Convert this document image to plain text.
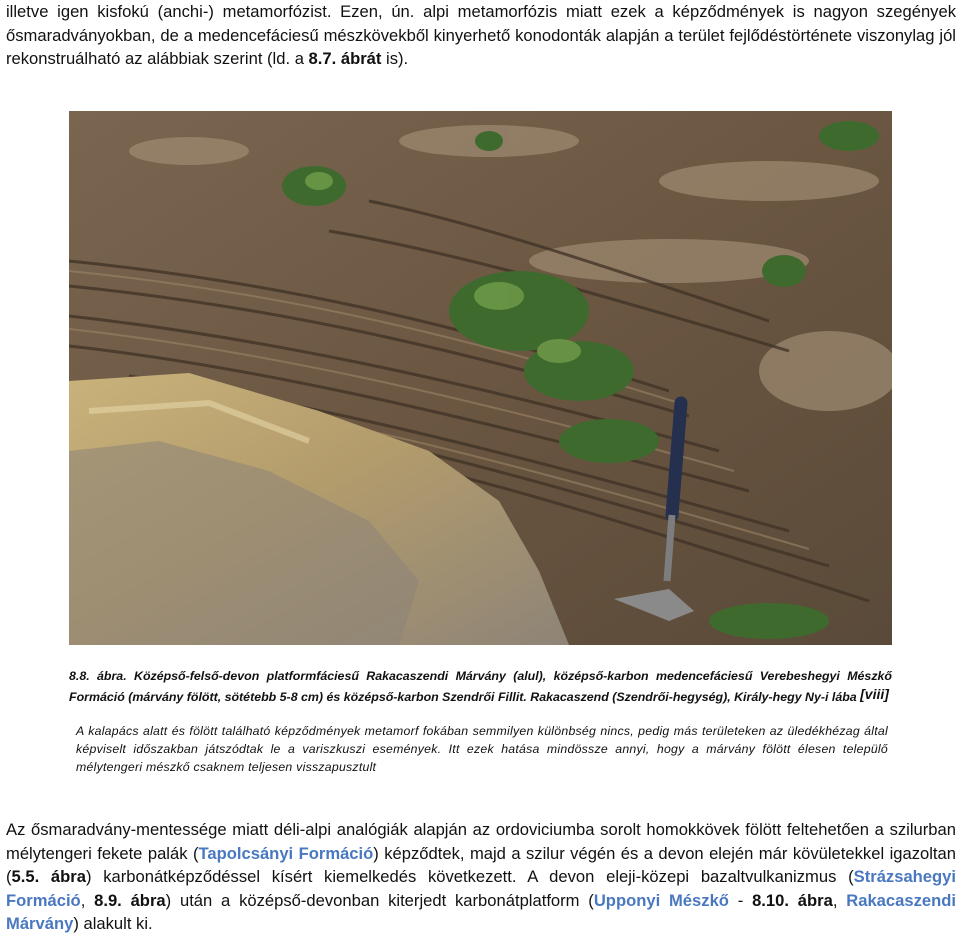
illetve igen kisfokú (anchi-) metamorfózist. Ezen, ún. alpi metamorfózis miatt ezek a képződmények is nagyon szegények ősmaradványokban, de a medencefáciesű mészkövekből kinyerhető konodonták alapján a terület fejlődéstörténete viszonylag jól rekonstruálható az alábbiak szerint (ld. a 8.7. ábrát is).
8.8. ábra. Középső-felső-devon platformfáciesű Rakacaszendi Márvány (alul), középső-karbon medencefáciesű Verebeshegyi Mészkő Formáció (márvány fölött, sötétebb 5-8 cm) és középső-karbon Szendrői Fillit. Rakacaszend (Szendrői-hegység), Király-hegy Ny-i lába [viii]
A kalapács alatt és fölött található képződmények metamorf fokában semmilyen különbség nincs, pedig más területeken az üledékhézag által képviselt időszakban játszódtak le a variszkuszi események. Itt ezek hatása mindössze annyi, hogy a márvány fölött élesen települő mélytengeri mészkő csaknem teljesen visszapusztult
Az ősmaradvány-mentessége miatt déli-alpi analógiák alapján az ordoviciumba sorolt homokkövek fölött feltehetően a szilurban mélytengeri fekete palák (Tapolcsányi Formáció) képződtek, majd a szilur végén és a devon elején már kövületekkel igazoltan (5.5. ábra) karbonátképződéssel kísért kiemelkedés következett. A devon eleji-közepi bazaltvulkanizmus (Strázsahegyi Formáció, 8.9. ábra) után a középső-devonban kiterjedt karbonátplatform (Upponyi Mészkő - 8.10. ábra, Rakacaszendi Márvány) alakult ki.
